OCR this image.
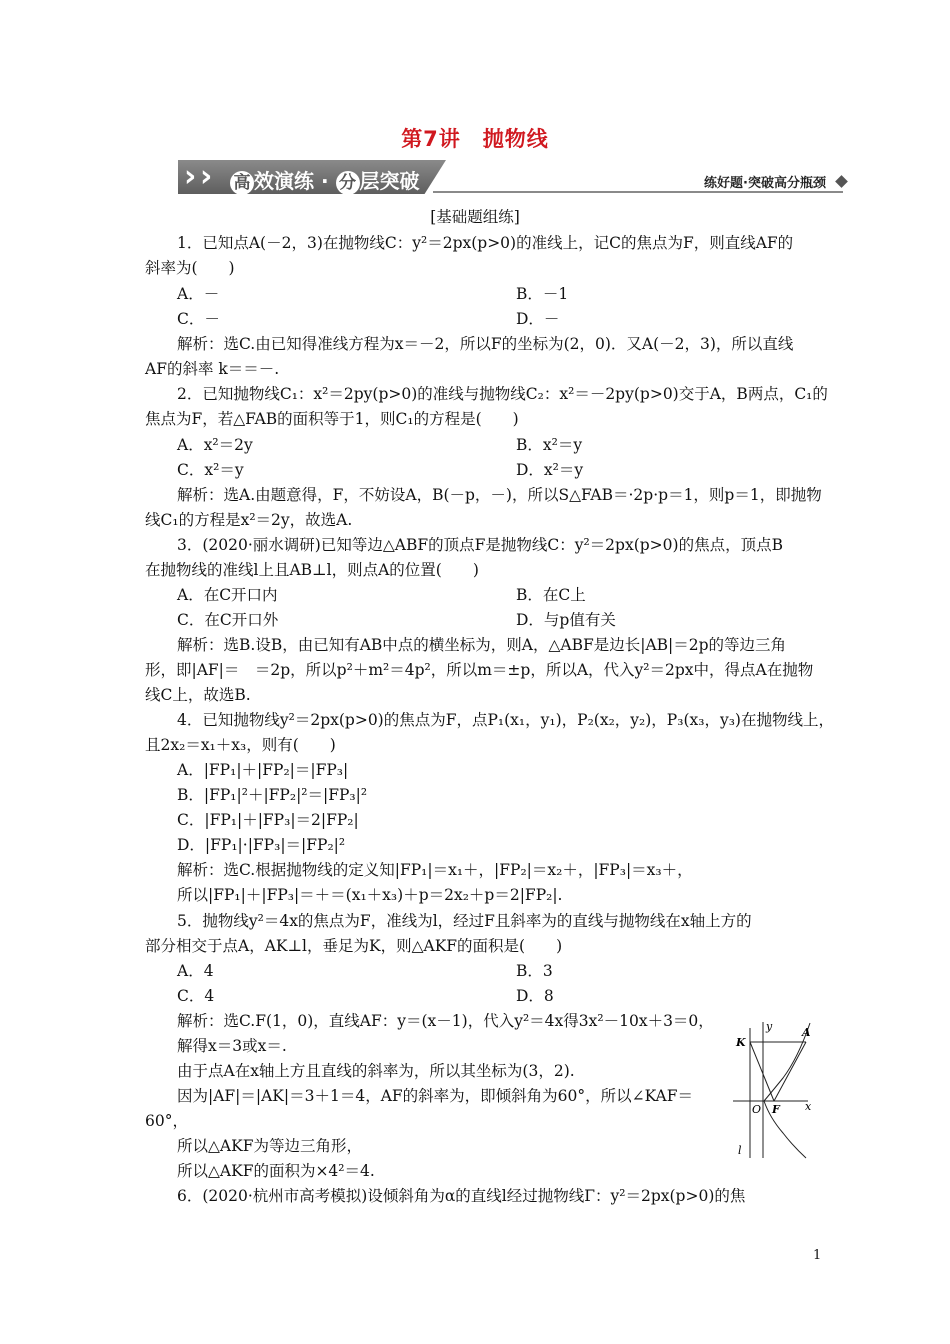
第7讲　抛物线
› › 高 效演练 · 分 层突破	练好题·突破高分瓶颈
[基础题组练]
1．已知点A(－2，3)在抛物线C：y²＝2px(p>0)的准线上，记C的焦点为F，则直线AF的
斜率为(　　)
A．－	B．－1
C．－	D．－
解析：选C.由已知得准线方程为x＝－2，所以F的坐标为(2，0)．又A(－2，3)，所以直线
AF的斜率 k＝＝－.
2．已知抛物线C₁：x²＝2py(p>0)的准线与抛物线C₂：x²＝－2py(p>0)交于A，B两点，C₁的
焦点为F，若△FAB的面积等于1，则C₁的方程是(　　)
A．x²＝2y	B．x²＝y
C．x²＝y	D．x²＝y
解析：选A.由题意得，F，不妨设A，B(－p，－)，所以S△FAB＝·2p·p＝1，则p＝1，即抛物
线C₁的方程是x²＝2y，故选A.
3．(2020·丽水调研)已知等边△ABF的顶点F是抛物线C：y²＝2px(p>0)的焦点，顶点B
在抛物线的准线l上且AB⊥l，则点A的位置(　　)
A．在C开口内	B．在C上
C．在C开口外	D．与p值有关
解析：选B.设B，由已知有AB中点的横坐标为，则A，△ABF是边长|AB|＝2p的等边三角
形，即|AF|＝　＝2p，所以p²＋m²＝4p²，所以m＝±p，所以A，代入y²＝2px中，得点A在抛物
线C上，故选B.
4．已知抛物线y²＝2px(p>0)的焦点为F，点P₁(x₁，y₁)，P₂(x₂，y₂)，P₃(x₃，y₃)在抛物线上，
且2x₂＝x₁＋x₃，则有(　　)
A．|FP₁|＋|FP₂|＝|FP₃|
B．|FP₁|²＋|FP₂|²＝|FP₃|²
C．|FP₁|＋|FP₃|＝2|FP₂|
D．|FP₁|·|FP₃|＝|FP₂|²
解析：选C.根据抛物线的定义知|FP₁|＝x₁＋，|FP₂|＝x₂＋，|FP₃|＝x₃＋，
所以|FP₁|＋|FP₃|＝＋＝(x₁＋x₃)＋p＝2x₂＋p＝2|FP₂|.
5．抛物线y²＝4x的焦点为F，准线为l，经过F且斜率为的直线与抛物线在x轴上方的
部分相交于点A，AK⊥l，垂足为K，则△AKF的面积是(　　)
A．4	B．3
C．4	D．8
解析：选C.F(1，0)，直线AF：y＝(x－1)，代入y²＝4x得3x²－10x＋3＝0，
解得x＝3或x＝.
由于点A在x轴上方且直线的斜率为，所以其坐标为(3，2).
因为|AF|＝|AK|＝3＋1＝4，AF的斜率为，即倾斜角为60°，所以∠KAF＝
60°，
所以△AKF为等边三角形，
所以△AKF的面积为×4²＝4.
6．(2020·杭州市高考模拟)设倾斜角为α的直线l经过抛物线Γ：y²＝2px(p>0)的焦
y	A
K
O F x
l
1
